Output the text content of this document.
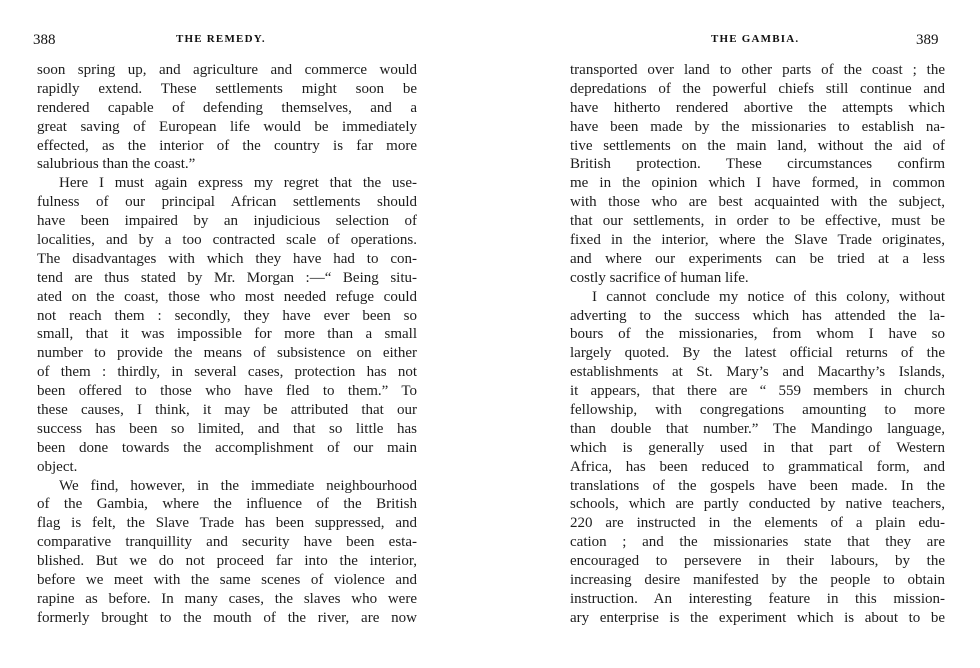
388	THE REMEDY.
soon spring up, and agriculture and commerce would
rapidly extend. These settlements might soon be
rendered capable of defending themselves, and a
great saving of European life would be immediately
effected, as the interior of the country is far more
salubrious than the coast.”
Here I must again express my regret that the use-
fulness of our principal African settlements should
have been impaired by an injudicious selection of
localities, and by a too contracted scale of operations.
The disadvantages with which they have had to con-
tend are thus stated by Mr. Morgan :—“ Being situ-
ated on the coast, those who most needed refuge could
not reach them : secondly, they have ever been so
small, that it was impossible for more than a small
number to provide the means of subsistence on either
of them : thirdly, in several cases, protection has not
been offered to those who have fled to them.” To
these causes, I think, it may be attributed that our
success has been so limited, and that so little has
been done towards the accomplishment of our main
object.
We find, however, in the immediate neighbourhood
of the Gambia, where the influence of the British
flag is felt, the Slave Trade has been suppressed, and
comparative tranquillity and security have been esta-
blished. But we do not proceed far into the interior,
before we meet with the same scenes of violence and
rapine as before. In many cases, the slaves who were
formerly brought to the mouth of the river, are now
THE GAMBIA.	389
transported over land to other parts of the coast ; the
depredations of the powerful chiefs still continue and
have hitherto rendered abortive the attempts which
have been made by the missionaries to establish na-
tive settlements on the main land, without the aid of
British protection. These circumstances confirm
me in the opinion which I have formed, in common
with those who are best acquainted with the subject,
that our settlements, in order to be effective, must be
fixed in the interior, where the Slave Trade originates,
and where our experiments can be tried at a less
costly sacrifice of human life.
I cannot conclude my notice of this colony, without
adverting to the success which has attended the la-
bours of the missionaries, from whom I have so
largely quoted. By the latest official returns of the
establishments at St. Mary’s and Macarthy’s Islands,
it appears, that there are “ 559 members in church
fellowship, with congregations amounting to more
than double that number.” The Mandingo language,
which is generally used in that part of Western
Africa, has been reduced to grammatical form, and
translations of the gospels have been made. In the
schools, which are partly conducted by native teachers,
220 are instructed in the elements of a plain edu-
cation ; and the missionaries state that they are
encouraged to persevere in their labours, by the
increasing desire manifested by the people to obtain
instruction. An interesting feature in this mission-
ary enterprise is the experiment which is about to be
